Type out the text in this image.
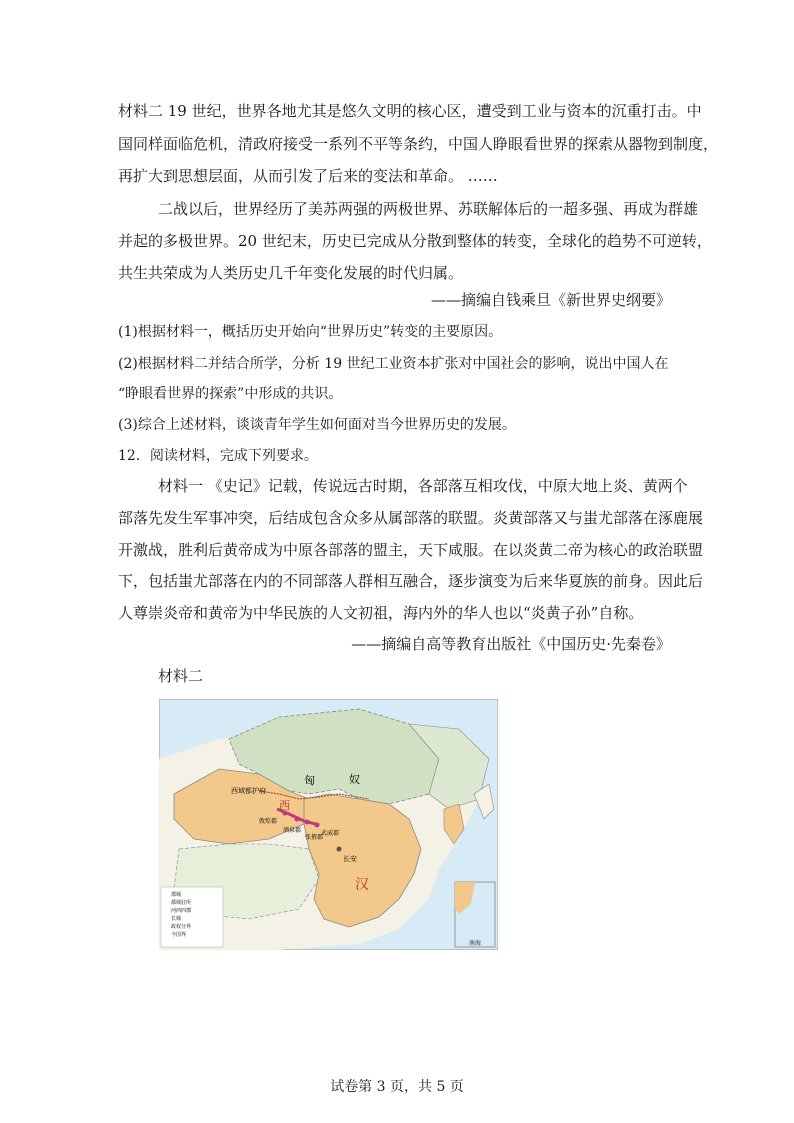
材料二 19 世纪，世界各地尤其是悠久文明的核心区，遭受到工业与资本的沉重打击。中
国同样面临危机，清政府接受一系列不平等条约，中国人睁眼看世界的探索从器物到制度，
再扩大到思想层面，从而引发了后来的变法和革命。 ……
二战以后，世界经历了美苏两强的两极世界、苏联解体后的一超多强、再成为群雄
并起的多极世界。20 世纪末，历史已完成从分散到整体的转变，全球化的趋势不可逆转，
共生共荣成为人类历史几千年变化发展的时代归属。
——摘编自钱乘旦《新世界史纲要》
(1)根据材料一，概括历史开始向“世界历史”转变的主要原因。
(2)根据材料二并结合所学，分析 19 世纪工业资本扩张对中国社会的影响，说出中国人在
“睁眼看世界的探索”中形成的共识。
(3)综合上述材料，谈谈青年学生如何面对当今世界历史的发展。
12．阅读材料，完成下列要求。
材料一 《史记》记载，传说远古时期，各部落互相攻伐，中原大地上炎、黄两个
部落先发生军事冲突，后结成包含众多从属部落的联盟。炎黄部落又与蚩尤部落在涿鹿展
开激战，胜利后黄帝成为中原各部落的盟主，天下咸服。在以炎黄二帝为核心的政治联盟
下，包括蚩尤部落在内的不同部落人群相互融合，逐步演变为后来华夏族的前身。因此后
人尊崇炎帝和黄帝为中华民族的人文初祖，海内外的华人也以“炎黄子孙”自称。
——摘编自高等教育出版社《中国历史·先秦卷》
材料二
匈	奴
西
西域都护府
敦煌郡
酒泉郡
张掖郡
武威郡
长安
汉
郡城
都城驻所
河西四郡
长城
政权分界
今国界
南海
试卷第 3 页，共 5 页
